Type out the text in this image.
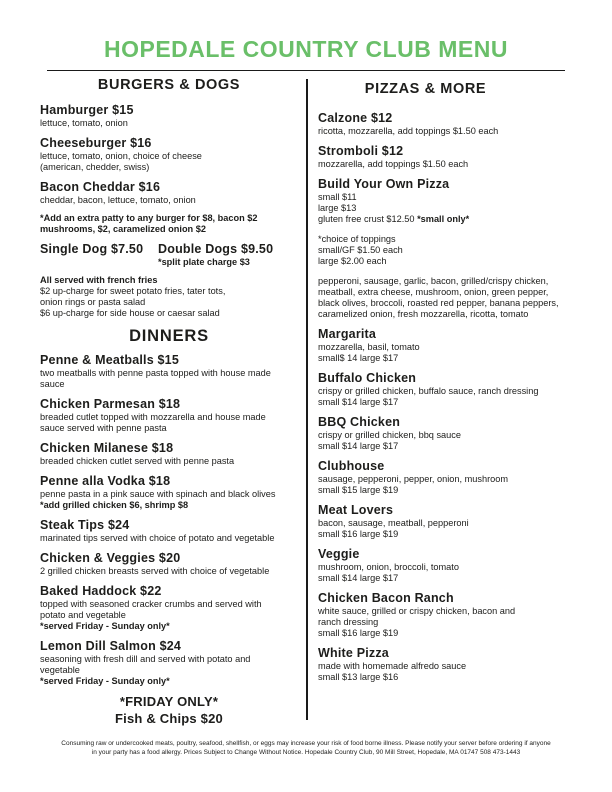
HOPEDALE COUNTRY CLUB MENU
BURGERS & DOGS
Hamburger $15
lettuce, tomato, onion
Cheeseburger $16
lettuce, tomato, onion, choice of cheese
(american, chedder, swiss)
Bacon Cheddar $16
cheddar, bacon, lettuce, tomato, onion
*Add an extra patty to any burger for $8, bacon $2
mushrooms, $2, caramelized onion $2
Single Dog $7.50	Double Dogs $9.50
*split plate charge $3
All served with french fries
$2 up-charge for sweet potato fries, tater tots,
onion rings or pasta salad
$6 up-charge for side house or caesar salad
DINNERS
Penne & Meatballs $15
two meatballs with penne pasta topped with house made
sauce
Chicken Parmesan $18
breaded cutlet topped with mozzarella and house made
sauce served with penne pasta
Chicken Milanese $18
breaded chicken cutlet served with penne pasta
Penne alla Vodka $18
penne pasta in a pink sauce with spinach and black olives
*add grilled chicken $6, shrimp $8
Steak Tips $24
marinated tips served with choice of potato and vegetable
Chicken & Veggies $20
2 grilled chicken breasts served with choice of vegetable
Baked Haddock $22
topped with seasoned cracker crumbs and served with
potato and vegetable
*served Friday - Sunday only*
Lemon Dill Salmon $24
seasoning with fresh dill and served with potato and
vegetable
*served Friday - Sunday only*
*FRIDAY ONLY*
Fish & Chips $20
PIZZAS & MORE
Calzone $12
ricotta, mozzarella, add toppings $1.50 each
Stromboli $12
mozzarella, add toppings $1.50 each
Build Your Own Pizza
small $11
large $13
gluten free crust $12.50 *small only*
*choice of toppings
small/GF $1.50 each
large $2.00 each
pepperoni, sausage, garlic, bacon, grilled/crispy chicken,
meatball, extra cheese, mushroom, onion, green pepper,
black olives, broccoli, roasted red pepper, banana peppers,
caramelized onion, fresh mozzarella, ricotta, tomato
Margarita
mozzarella, basil, tomato
small$ 14 large $17
Buffalo Chicken
crispy or grilled chicken, buffalo sauce, ranch dressing
small $14 large $17
BBQ Chicken
crispy or grilled chicken, bbq sauce
small $14 large $17
Clubhouse
sausage, pepperoni, pepper, onion, mushroom
small $15 large $19
Meat Lovers
bacon, sausage, meatball, pepperoni
small $16 large $19
Veggie
mushroom, onion, broccoli, tomato
small $14 large $17
Chicken Bacon Ranch
white sauce, grilled or crispy chicken, bacon and
ranch dressing
small $16 large $19
White Pizza
made with homemade alfredo sauce
small $13 large $16
Consuming raw or undercooked meats, poultry, seafood, shellfish, or eggs may increase your risk of food borne illness. Please notify your server before ordering if anyone
in your party has a food allergy. Prices Subject to Change Without Notice. Hopedale Country Club, 90 Mill Street, Hopedale, MA 01747 508 473-1443
